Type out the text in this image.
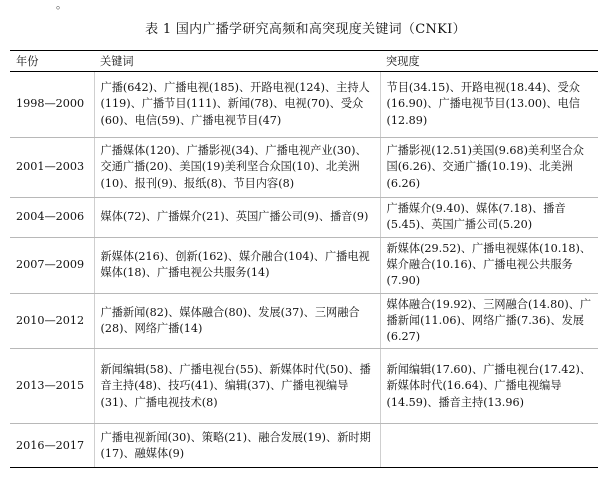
。
表 1 国内广播学研究高频和高突现度关键词（CNKI）
年份	关键词	突现度
1998—2000	广播(642)、广播电视(185)、开路电视(124)、主持人(119)、广播节目(111)、新闻(78)、电视(70)、受众(60)、电信(59)、广播电视节目(47)	节目(34.15)、开路电视(18.44)、受众(16.90)、广播电视节目(13.00)、电信(12.89)
2001—2003	广播媒体(120)、广播影视(34)、广播电视产业(30)、交通广播(20)、美国(19)美利坚合众国(10)、北美洲(10)、报刊(9)、报纸(8)、节目内容(8)	广播影视(12.51)美国(9.68)美利坚合众国(6.26)、交通广播(10.19)、北美洲(6.26)
2004—2006	媒体(72)、广播媒介(21)、英国广播公司(9)、播音(9)	广播媒介(9.40)、媒体(7.18)、播音(5.45)、英国广播公司(5.20)
2007—2009	新媒体(216)、创新(162)、媒介融合(104)、广播电视媒体(18)、广播电视公共服务(14)	新媒体(29.52)、广播电视媒体(10.18)、媒介融合(10.16)、广播电视公共服务(7.90)
2010—2012	广播新闻(82)、媒体融合(80)、发展(37)、三网融合(28)、网络广播(14)	媒体融合(19.92)、三网融合(14.80)、广播新闻(11.06)、网络广播(7.36)、发展(6.27)
2013—2015	新闻编辑(58)、广播电视台(55)、新媒体时代(50)、播音主持(48)、技巧(41)、编辑(37)、广播电视编导(31)、广播电视技术(8)	新闻编辑(17.60)、广播电视台(17.42)、新媒体时代(16.64)、广播电视编导(14.59)、播音主持(13.96)
2016—2017	广播电视新闻(30)、策略(21)、融合发展(19)、新时期(17)、融媒体(9)	
